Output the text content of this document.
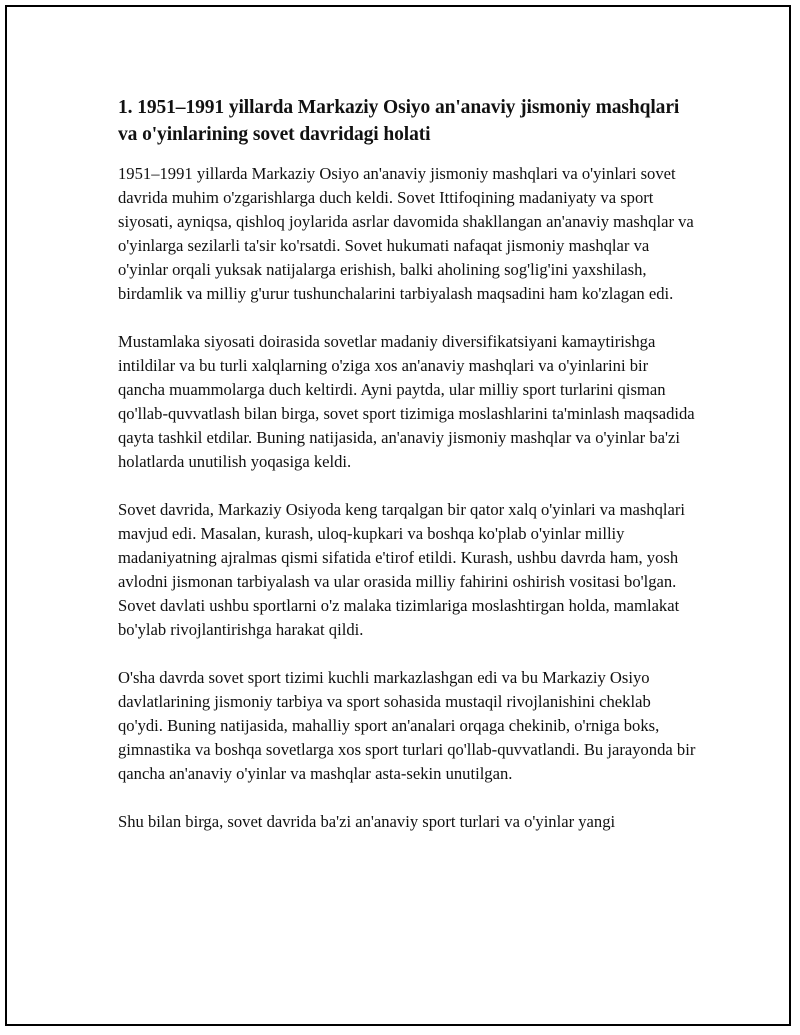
1. 1951–1991 yillarda Markaziy Osiyo an'anaviy jismoniy mashqlari va o'yinlarining sovet davridagi holati

1951–1991 yillarda Markaziy Osiyo an'anaviy jismoniy mashqlari va o'yinlari sovet davrida muhim o'zgarishlarga duch keldi. Sovet Ittifoqining madaniyaty va sport siyosati, ayniqsa, qishloq joylarida asrlar davomida shakllangan an'anaviy mashqlar va o'yinlarga sezilarli ta'sir ko'rsatdi. Sovet hukumati nafaqat jismoniy mashqlar va o'yinlar orqali yuksak natijalarga erishish, balki aholining sog'lig'ini yaxshilash, birdamlik va milliy g'urur tushunchalarini tarbiyalash maqsadini ham ko'zlagan edi.

Mustamlaka siyosati doirasida sovetlar madaniy diversifikatsiyani kamaytirishga intildilar va bu turli xalqlarning o'ziga xos an'anaviy mashqlari va o'yinlarini bir qancha muammolarga duch keltirdi. Ayni paytda, ular milliy sport turlarini qisman qo'llab-quvvatlash bilan birga, sovet sport tizimiga moslashlarini ta'minlash maqsadida qayta tashkil etdilar. Buning natijasida, an'anaviy jismoniy mashqlar va o'yinlar ba'zi holatlarda unutilish yoqasiga keldi.

Sovet davrida, Markaziy Osiyoda keng tarqalgan bir qator xalq o'yinlari va mashqlari mavjud edi. Masalan, kurash, uloq-kupkari va boshqa ko'plab o'yinlar milliy madaniyatning ajralmas qismi sifatida e'tirof etildi. Kurash, ushbu davrda ham, yosh avlodni jismonan tarbiyalash va ular orasida milliy fahirini oshirish vositasi bo'lgan. Sovet davlati ushbu sportlarni o'z malaka tizimlariga moslashtirgan holda, mamlakat bo'ylab rivojlantirishga harakat qildi.

O'sha davrda sovet sport tizimi kuchli markazlashgan edi va bu Markaziy Osiyo davlatlarining jismoniy tarbiya va sport sohasida mustaqil rivojlanishini cheklab qo'ydi. Buning natijasida, mahalliy sport an'analari orqaga chekinib, o'rniga boks, gimnastika va boshqa sovetlarga xos sport turlari qo'llab-quvvatlandi. Bu jarayonda bir qancha an'anaviy o'yinlar va mashqlar asta-sekin unutilgan.

Shu bilan birga, sovet davrida ba'zi an'anaviy sport turlari va o'yinlar yangi
